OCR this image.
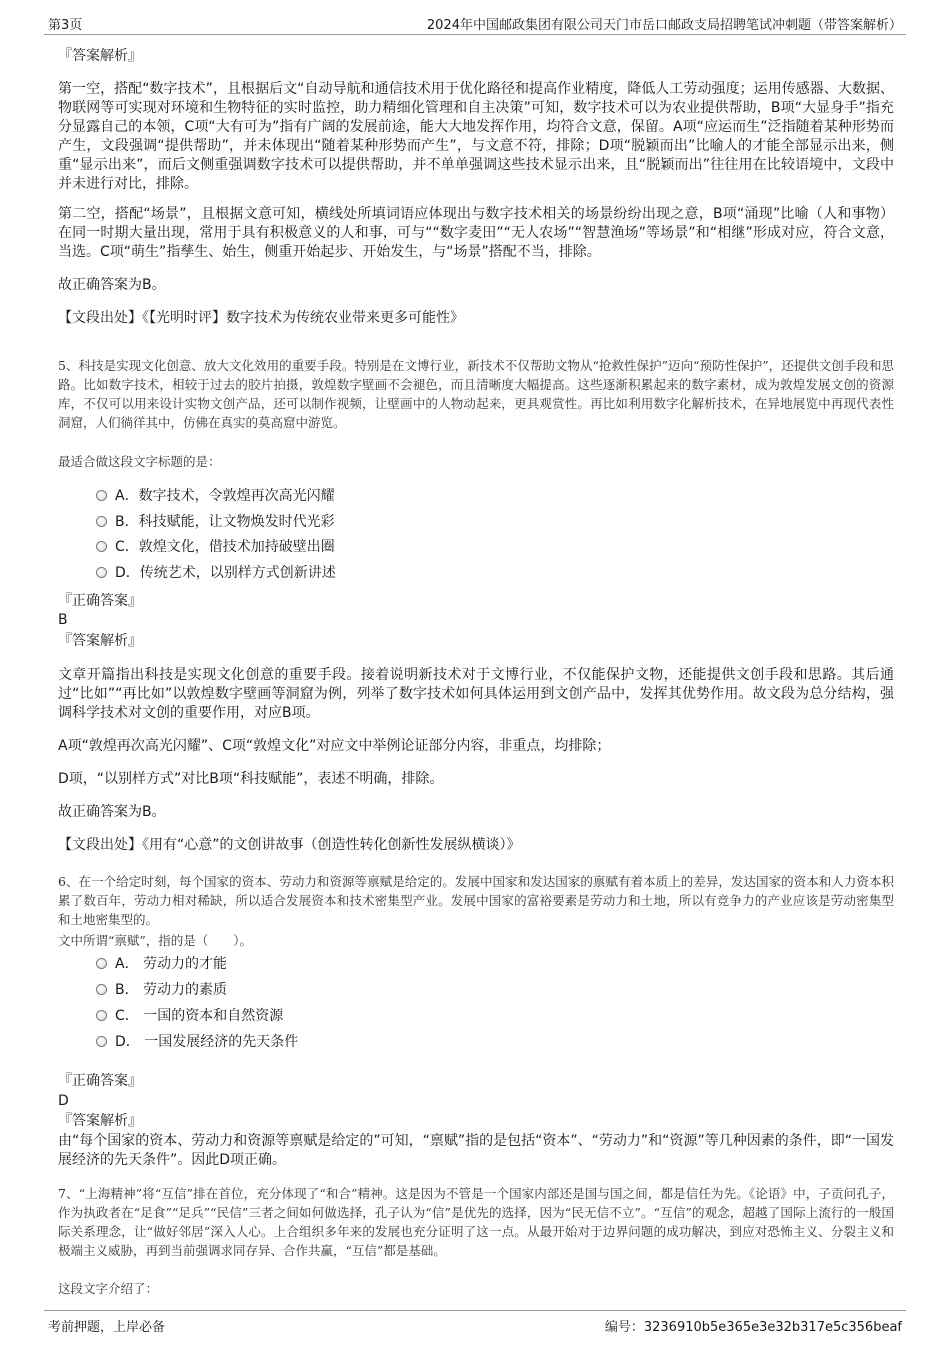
第3页	2024年中国邮政集团有限公司天门市岳口邮政支局招聘笔试冲刺题（带答案解析）
『答案解析』
第一空，搭配“数字技术”，且根据后文“自动导航和通信技术用于优化路径和提高作业精度，降低人工劳动强度；运用传感器、大数据、物联网等可实现对环境和生物特征的实时监控，助力精细化管理和自主决策”可知，数字技术可以为农业提供帮助，B项“大显身手”指充分显露自己的本领，C项“大有可为”指有广阔的发展前途，能大大地发挥作用，均符合文意，保留。A项“应运而生”泛指随着某种形势而产生，文段强调“提供帮助”，并未体现出“随着某种形势而产生”，与文意不符，排除；D项“脱颖而出”比喻人的才能全部显示出来，侧重“显示出来”，而后文侧重强调数字技术可以提供帮助，并不单单强调这些技术显示出来，且“脱颖而出”往往用在比较语境中，文段中并未进行对比，排除。
第二空，搭配“场景”，且根据文意可知，横线处所填词语应体现出与数字技术相关的场景纷纷出现之意，B项“涌现”比喻（人和事物）在同一时期大量出现，常用于具有积极意义的人和事，可与““数字麦田”“无人农场”“智慧渔场”等场景”和“相继”形成对应，符合文意，当选。C项“萌生”指孳生、始生，侧重开始起步、开始发生，与“场景”搭配不当，排除。
故正确答案为B。
【文段出处】《【光明时评】数字技术为传统农业带来更多可能性》
5、科技是实现文化创意、放大文化效用的重要手段。特别是在文博行业，新技术不仅帮助文物从“抢救性保护”迈向“预防性保护”，还提供文创手段和思路。比如数字技术，相较于过去的胶片拍摄，敦煌数字壁画不会褪色，而且清晰度大幅提高。这些逐渐积累起来的数字素材，成为敦煌发展文创的资源库，不仅可以用来设计实物文创产品，还可以制作视频，让壁画中的人物动起来，更具观赏性。再比如利用数字化解析技术，在异地展览中再现代表性洞窟，人们徜徉其中，仿佛在真实的莫高窟中游览。
最适合做这段文字标题的是：
A．数字技术，令敦煌再次高光闪耀
B．科技赋能，让文物焕发时代光彩
C．敦煌文化，借技术加持破壁出圈
D．传统艺术，以别样方式创新讲述
『正确答案』
B
『答案解析』
文章开篇指出科技是实现文化创意的重要手段。接着说明新技术对于文博行业，不仅能保护文物，还能提供文创手段和思路。其后通过“比如”“再比如”以敦煌数字壁画等洞窟为例，列举了数字技术如何具体运用到文创产品中，发挥其优势作用。故文段为总分结构，强调科学技术对文创的重要作用，对应B项。
A项“敦煌再次高光闪耀”、C项“敦煌文化”对应文中举例论证部分内容，非重点，均排除；
D项，“以别样方式”对比B项“科技赋能”，表述不明确，排除。
故正确答案为B。
【文段出处】《用有“心意”的文创讲故事（创造性转化创新性发展纵横谈）》
6、在一个给定时刻，每个国家的资本、劳动力和资源等禀赋是给定的。发展中国家和发达国家的禀赋有着本质上的差异，发达国家的资本和人力资本积累了数百年，劳动力相对稀缺，所以适合发展资本和技术密集型产业。发展中国家的富裕要素是劳动力和土地，所以有竞争力的产业应该是劳动密集型和土地密集型的。
文中所谓“禀赋”，指的是（　　）。
A． 劳动力的才能
B． 劳动力的素质
C． 一国的资本和自然资源
D． 一国发展经济的先天条件
『正确答案』
D
『答案解析』
由“每个国家的资本、劳动力和资源等禀赋是给定的”可知，“禀赋”指的是包括“资本”、“劳动力”和“资源”等几种因素的条件，即“一国发展经济的先天条件”。因此D项正确。
7、“上海精神”将“互信”排在首位，充分体现了“和合”精神。这是因为不管是一个国家内部还是国与国之间，都是信任为先。《论语》中，子贡问孔子，作为执政者在“足食”“足兵”“民信”三者之间如何做选择，孔子认为“信”是优先的选择，因为“民无信不立”。“互信”的观念，超越了国际上流行的一般国际关系理念，让“做好邻居”深入人心。上合组织多年来的发展也充分证明了这一点。从最开始对于边界问题的成功解决，到应对恐怖主义、分裂主义和极端主义威胁，再到当前强调求同存异、合作共赢，“互信”都是基础。
这段文字介绍了：
考前押题，上岸必备	编号：3236910b5e365e3e32b317e5c356beaf
